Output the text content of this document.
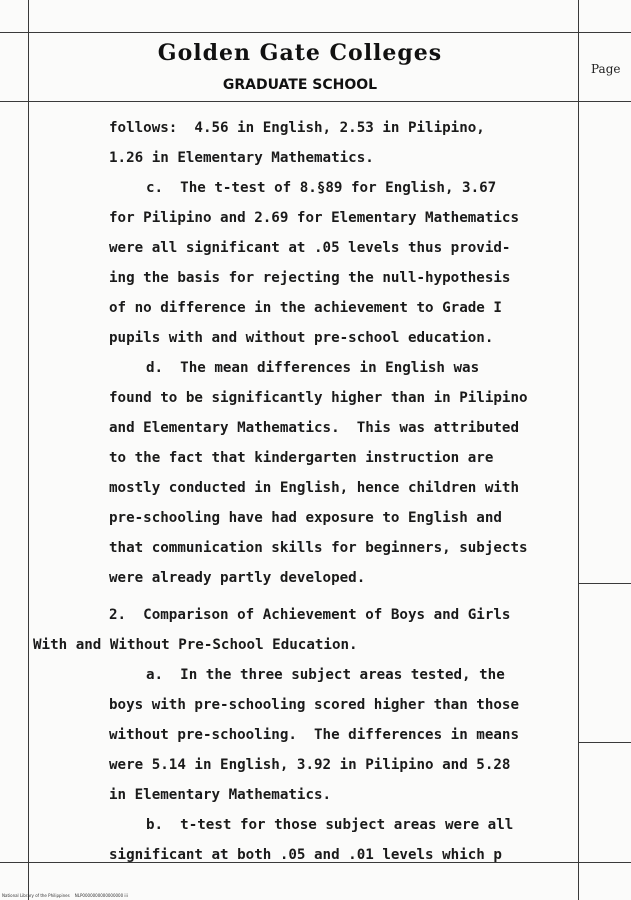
Golden Gate Colleges
GRADUATE SCHOOL
Page
follows:  4.56 in English, 2.53 in Pilipino,
1.26 in Elementary Mathematics.
c.  The t-test of 8.§89 for English, 3.67
for Pilipino and 2.69 for Elementary Mathematics
were all significant at .05 levels thus provid-
ing the basis for rejecting the null-hypothesis
of no difference in the achievement to Grade I
pupils with and without pre-school education.
d.  The mean differences in English was
found to be significantly higher than in Pilipino
and Elementary Mathematics.  This was attributed
to the fact that kindergarten instruction are
mostly conducted in English, hence children with
pre-schooling have had exposure to English and
that communication skills for beginners, subjects
were already partly developed.
2.  Comparison of Achievement of Boys and Girls
With and Without Pre-School Education.
a.  In the three subject areas tested, the
boys with pre-schooling scored higher than those
without pre-schooling.  The differences in means
were 5.14 in English, 3.92 in Pilipino and 5.28
in Elementary Mathematics.
b.  t-test for those subject areas were all
significant at both .05 and .01 levels which p
National Library of the Philippines    NLP0000000000000000 iii
